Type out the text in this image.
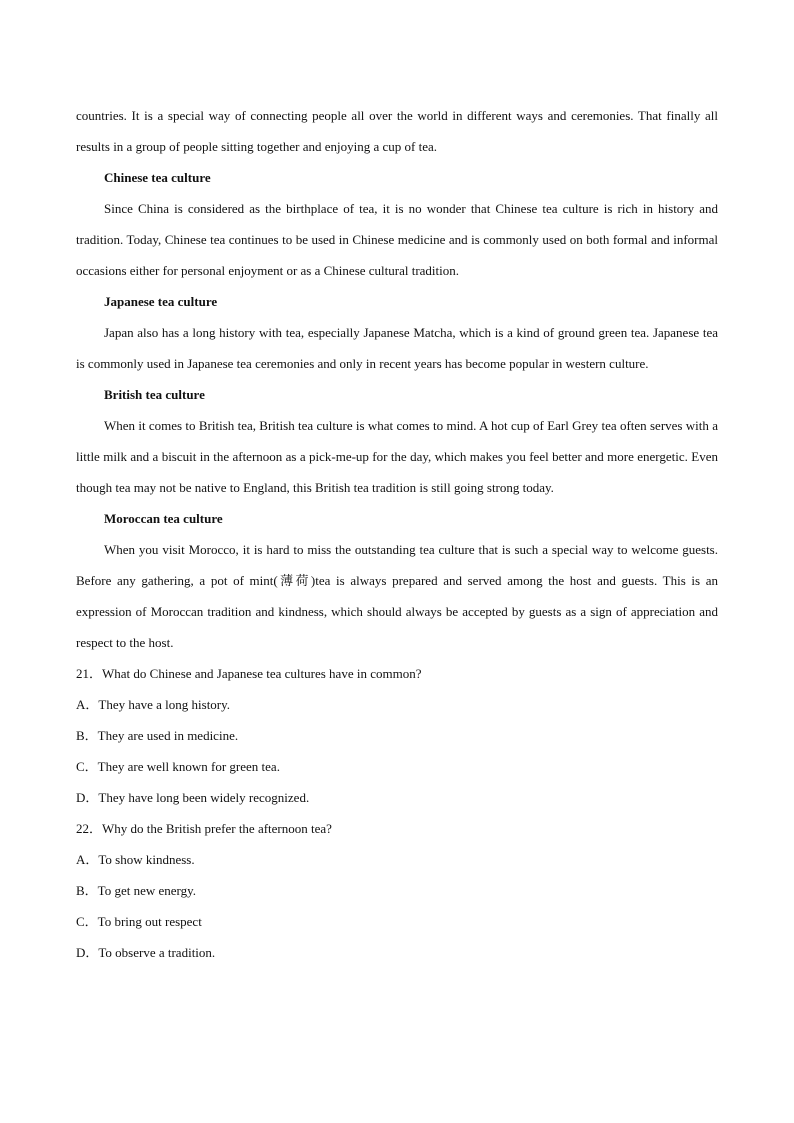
countries. It is a special way of connecting people all over the world in different ways and ceremonies. That finally all results in a group of people sitting together and enjoying a cup of tea.

Chinese tea culture

Since China is considered as the birthplace of tea, it is no wonder that Chinese tea culture is rich in history and tradition. Today, Chinese tea continues to be used in Chinese medicine and is commonly used on both formal and informal occasions either for personal enjoyment or as a Chinese cultural tradition.

Japanese tea culture

Japan also has a long history with tea, especially Japanese Matcha, which is a kind of ground green tea. Japanese tea is commonly used in Japanese tea ceremonies and only in recent years has become popular in western culture.

British tea culture

When it comes to British tea, British tea culture is what comes to mind. A hot cup of Earl Grey tea often serves with a little milk and a biscuit in the afternoon as a pick-me-up for the day, which makes you feel better and more energetic. Even though tea may not be native to England, this British tea tradition is still going strong today.

Moroccan tea culture

When you visit Morocco, it is hard to miss the outstanding tea culture that is such a special way to welcome guests. Before any gathering, a pot of mint(薄荷)tea is always prepared and served among the host and guests. This is an expression of Moroccan tradition and kindness, which should always be accepted by guests as a sign of appreciation and respect to the host.

21．What do Chinese and Japanese tea cultures have in common?

A．They have a long history.

B．They are used in medicine.

C．They are well known for green tea.

D．They have long been widely recognized.

22．Why do the British prefer the afternoon tea?

A．To show kindness.

B．To get new energy.

C．To bring out respect

D．To observe a tradition.
